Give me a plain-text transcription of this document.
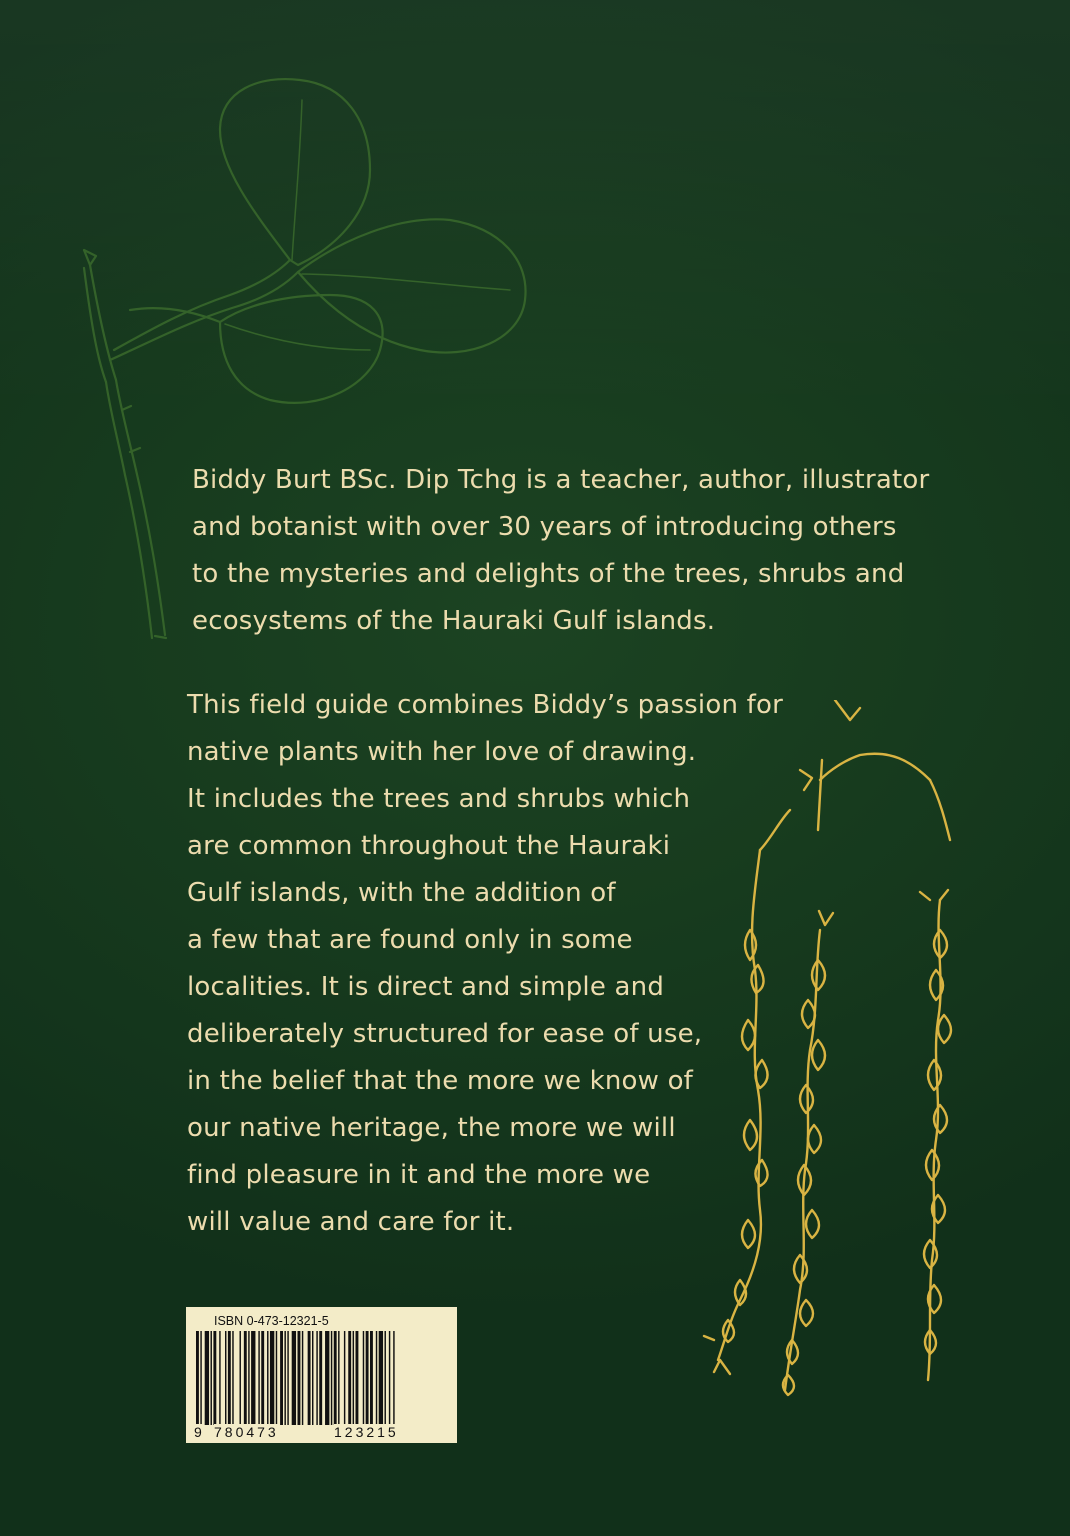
Biddy Burt BSc. Dip Tchg is a teacher, author, illustrator
and botanist with over 30 years of introducing others
to the mysteries and delights of the trees, shrubs and
ecosystems of the Hauraki Gulf islands.

This field guide combines Biddy’s passion for
native plants with her love of drawing.
It includes the trees and shrubs which
are common throughout the Hauraki
Gulf islands, with the addition of
a few that are found only in some
localities. It is direct and simple and
deliberately structured for ease of use,
in the belief that the more we know of
our native heritage, the more we will
find pleasure in it and the more we
will value and care for it.

ISBN 0-473-12321-5
9 780473	123215
